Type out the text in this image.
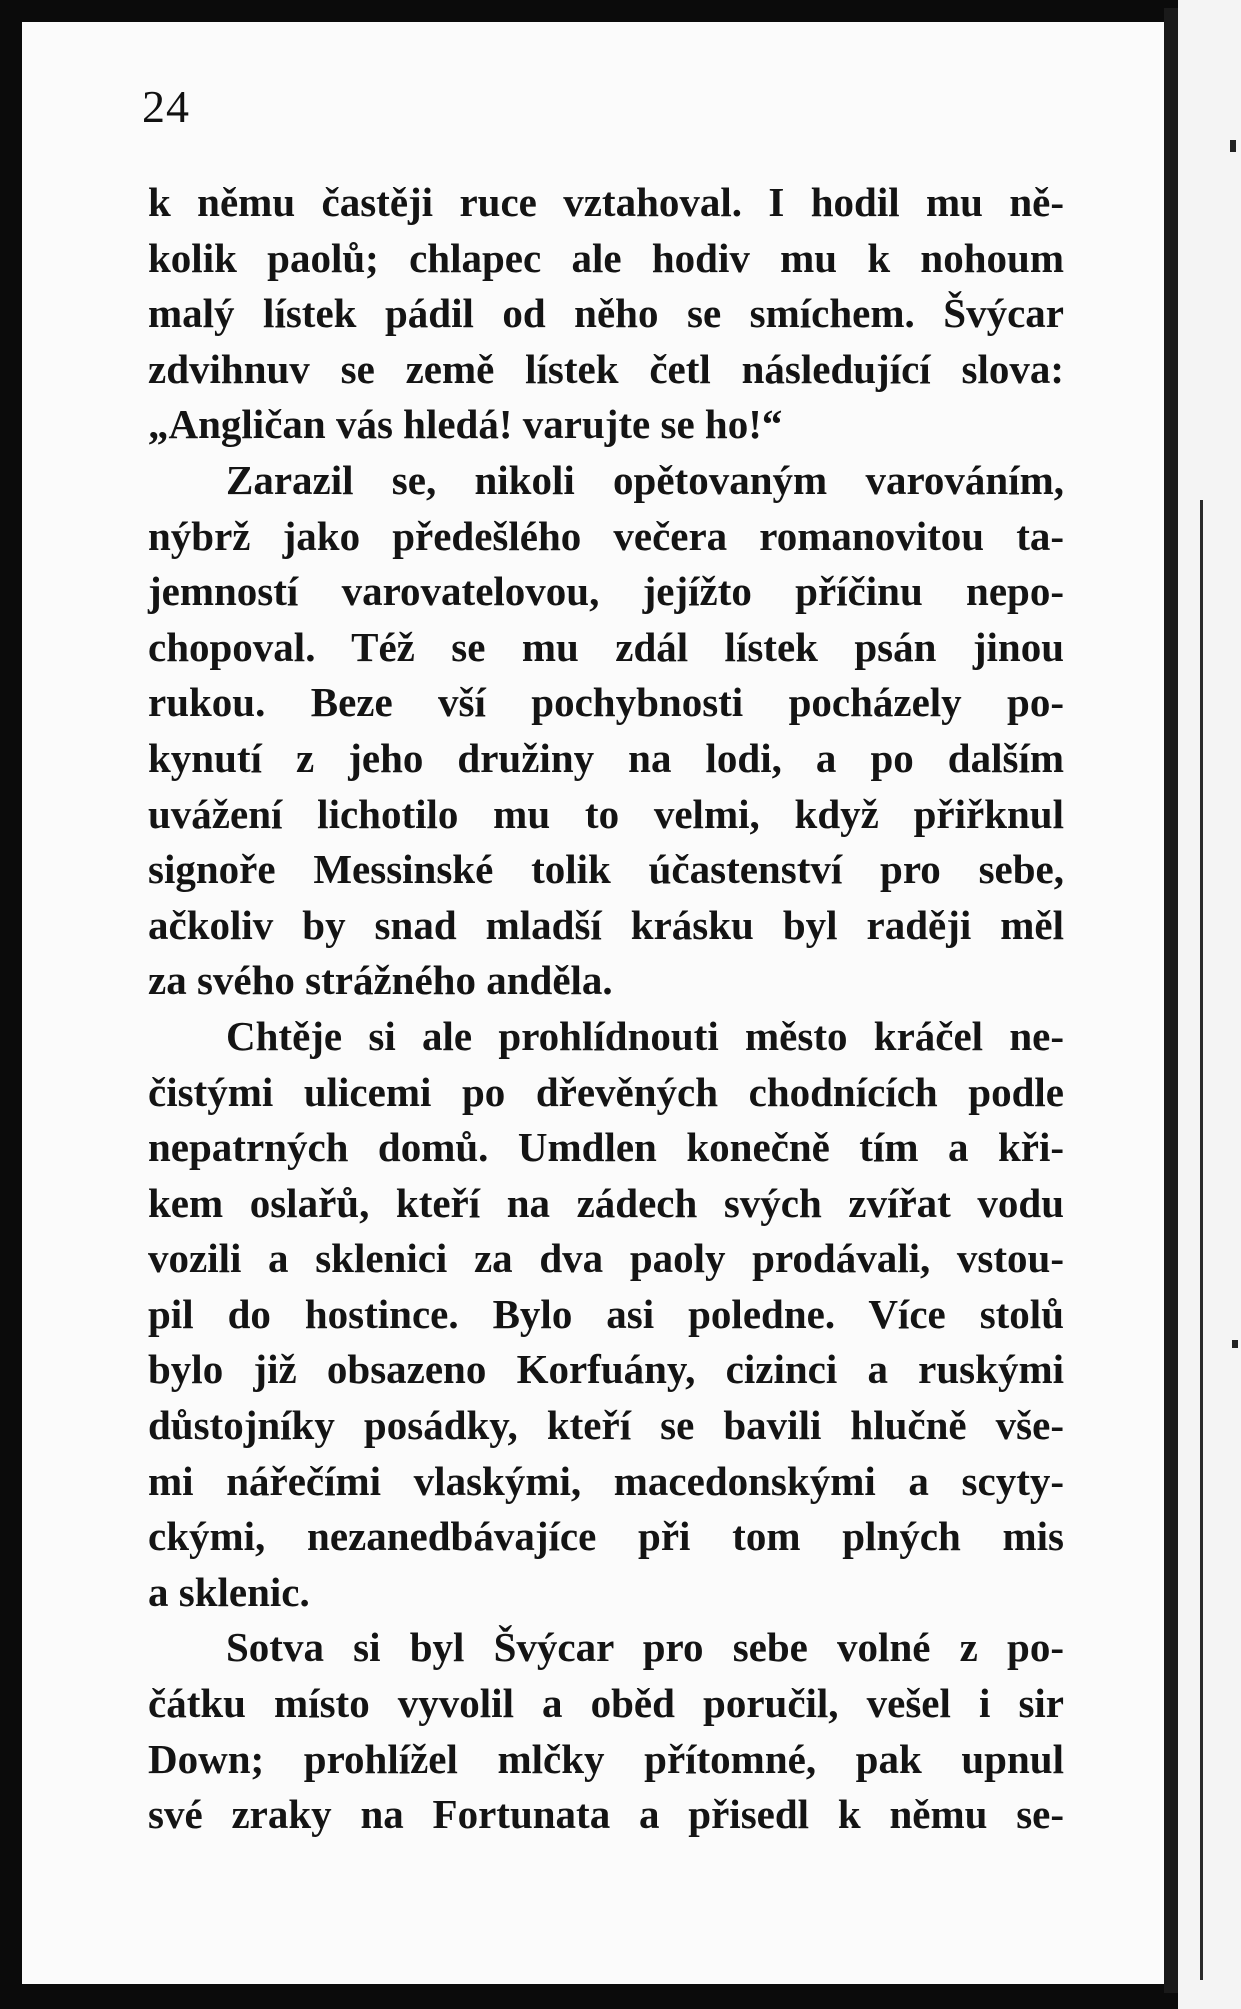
24
k němu častěji ruce vztahoval. I hodil mu ně-
kolik paolů; chlapec ale hodiv mu k nohoum
malý lístek pádil od něho se smíchem. Švýcar
zdvihnuv se země lístek četl následující slova:
„Angličan vás hledá! varujte se ho!“
Zarazil se, nikoli opětovaným varováním,
nýbrž jako předešlého večera romanovitou ta-
jemností varovatelovou, jejížto příčinu nepo-
chopoval. Též se mu zdál lístek psán jinou
rukou. Beze vší pochybnosti pocházely po-
kynutí z jeho družiny na lodi, a po dalším
uvážení lichotilo mu to velmi, když přiřknul
signoře Messinské tolik účastenství pro sebe,
ačkoliv by snad mladší krásku byl raději měl
za svého strážného anděla.
Chtěje si ale prohlídnouti město kráčel ne-
čistými ulicemi po dřevěných chodnících podle
nepatrných domů. Umdlen konečně tím a kři-
kem oslařů, kteří na zádech svých zvířat vodu
vozili a sklenici za dva paoly prodávali, vstou-
pil do hostince. Bylo asi poledne. Více stolů
bylo již obsazeno Korfuány, cizinci a ruskými
důstojníky posádky, kteří se bavili hlučně vše-
mi nářečími vlaskými, macedonskými a scyty-
ckými, nezanedbávajíce při tom plných mis
a sklenic.
Sotva si byl Švýcar pro sebe volné z po-
čátku místo vyvolil a oběd poručil, vešel i sir
Down; prohlížel mlčky přítomné, pak upnul
své zraky na Fortunata a přisedl k němu se-
